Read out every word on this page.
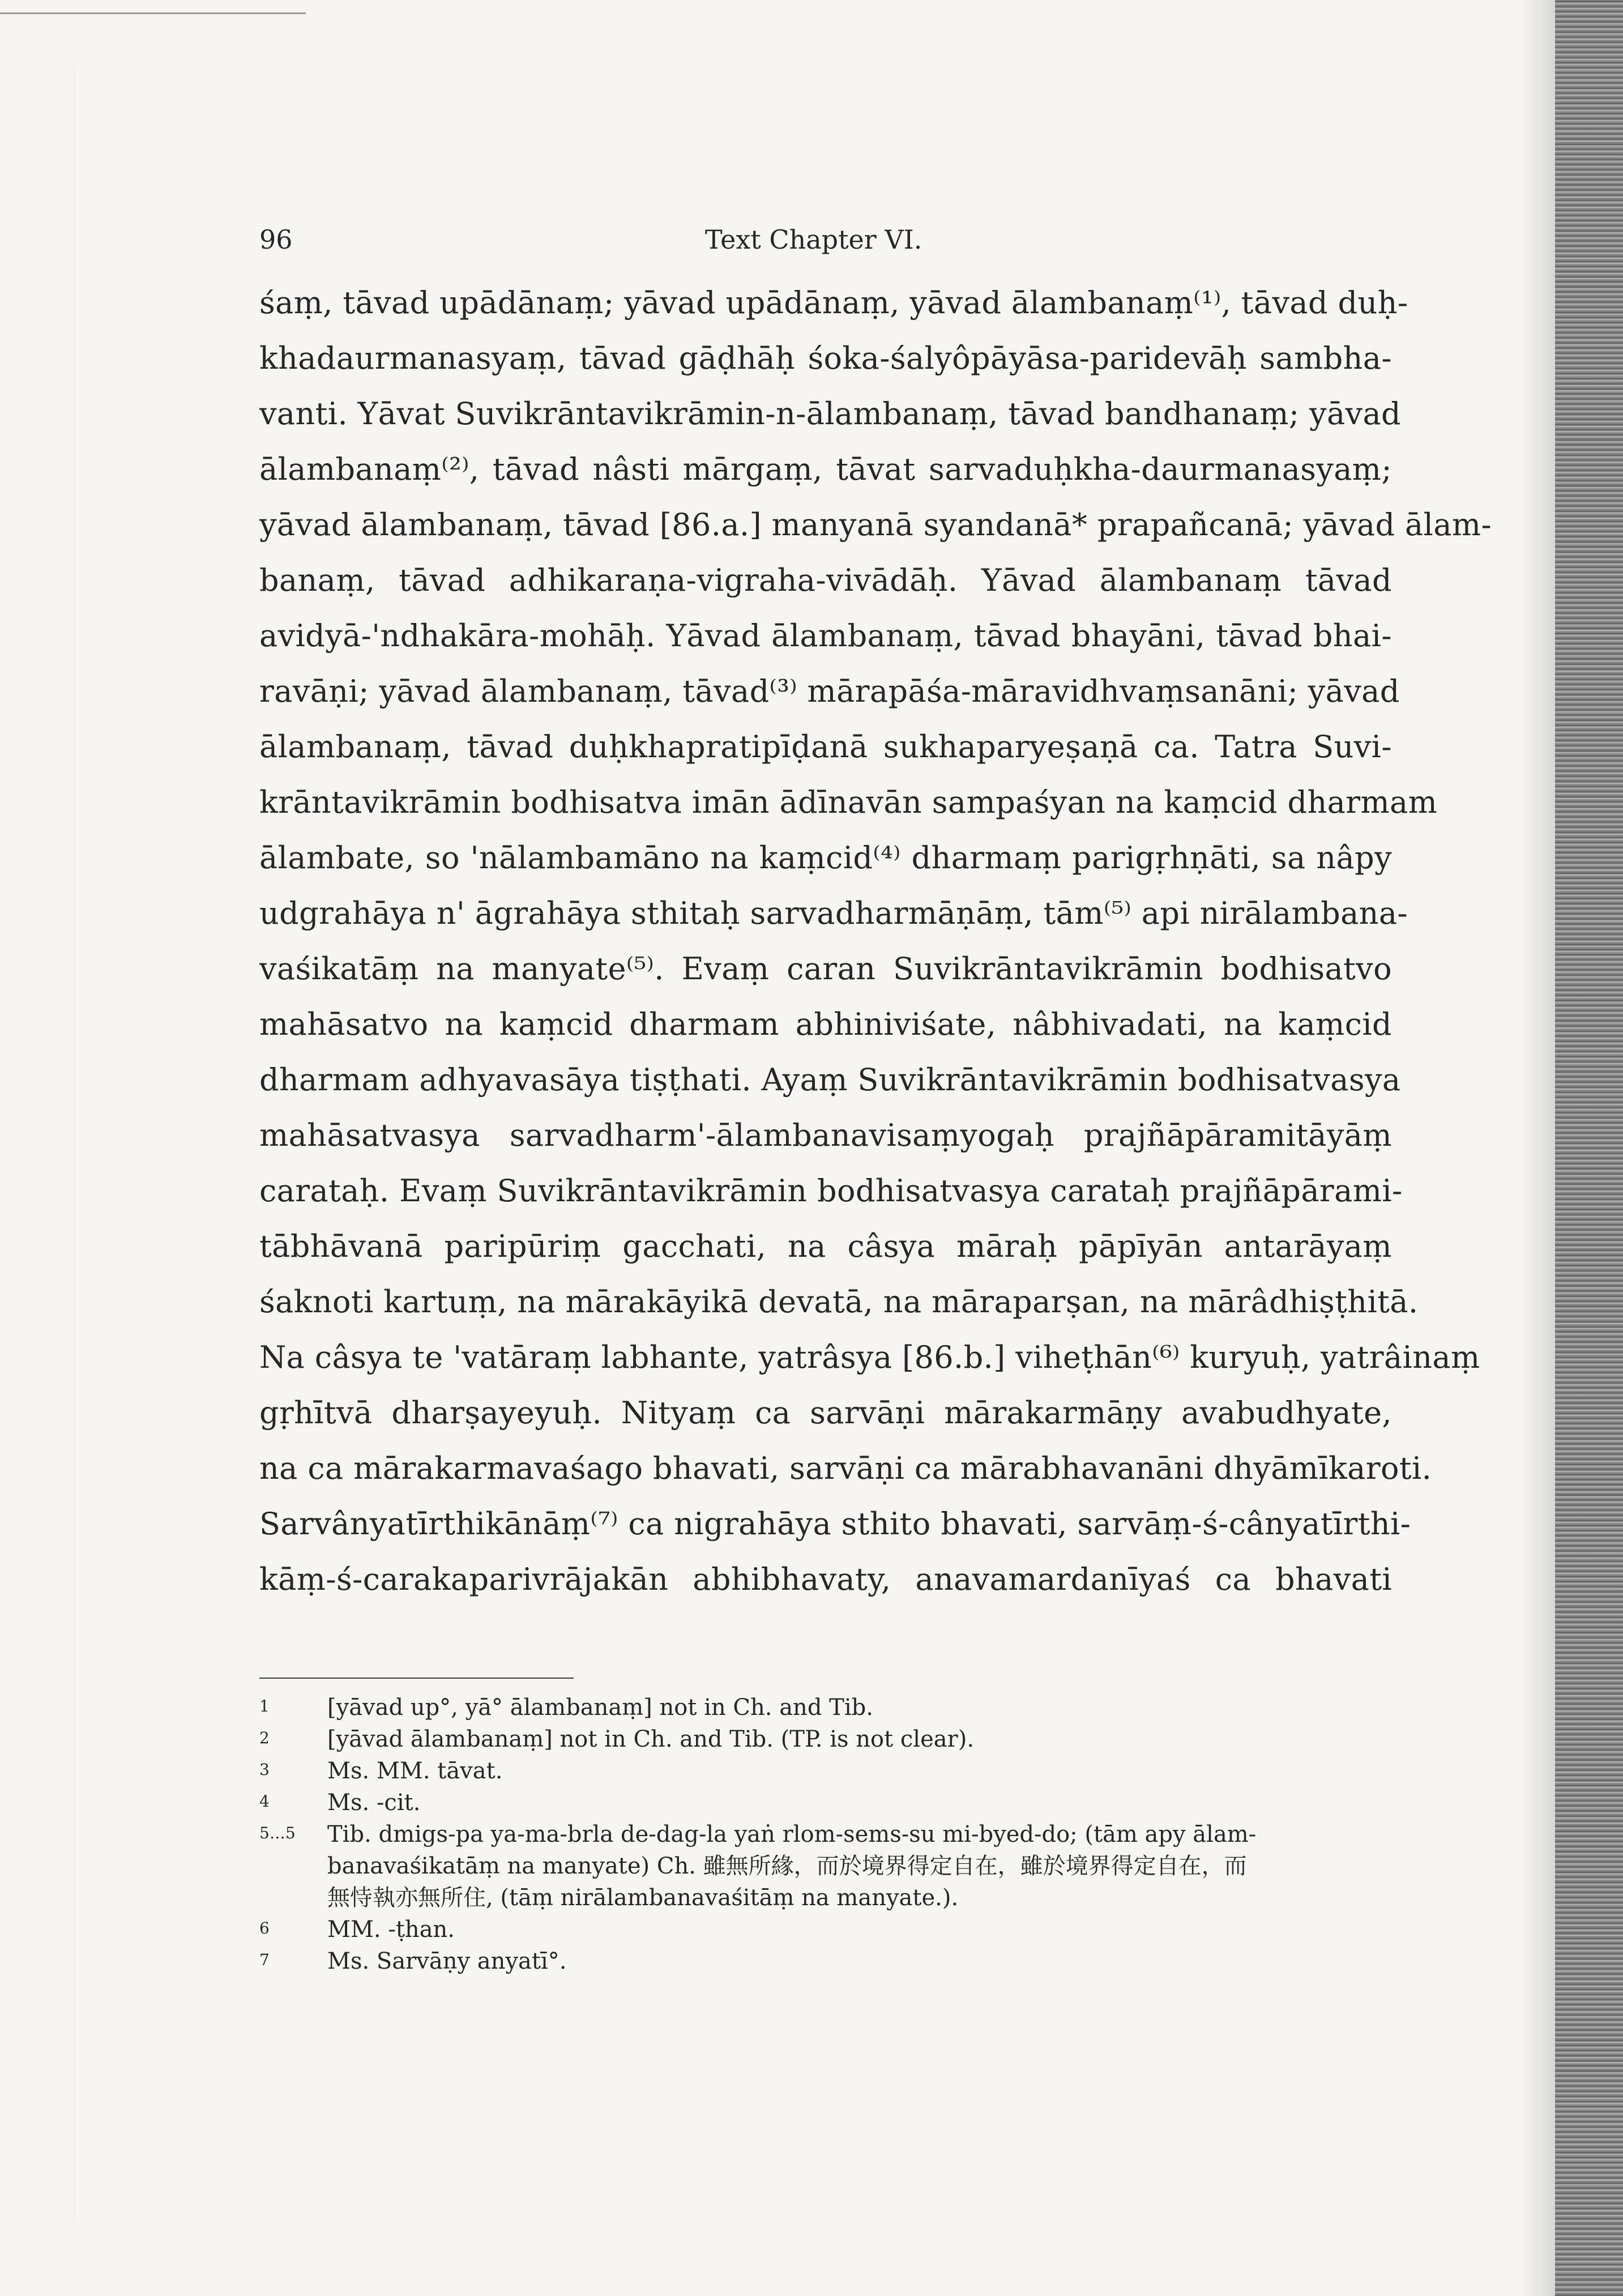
96	Text Chapter VI.
śaṃ, tāvad upādānaṃ; yāvad upādānaṃ, yāvad ālambanaṃ⁽¹⁾, tāvad duḥ-
khadaurmanasyaṃ, tāvad gāḍhāḥ śoka-śalyôpāyāsa-paridevāḥ sambha-
vanti. Yāvat Suvikrāntavikrāmin-n-ālambanaṃ, tāvad bandhanaṃ; yāvad
ālambanaṃ⁽²⁾, tāvad nâsti mārgaṃ, tāvat sarvaduḥkha-daurmanasyaṃ;
yāvad ālambanaṃ, tāvad [86.a.] manyanā syandanā* prapañcanā; yāvad ālam-
banaṃ, tāvad adhikaraṇa-vigraha-vivādāḥ. Yāvad ālambanaṃ tāvad
avidyā-'ndhakāra-mohāḥ. Yāvad ālambanaṃ, tāvad bhayāni, tāvad bhai-
ravāṇi; yāvad ālambanaṃ, tāvad⁽³⁾ mārapāśa-māravidhvaṃsanāni; yāvad
ālambanaṃ, tāvad duḥkhapratipīḍanā sukhaparyeṣaṇā ca. Tatra Suvi-
krāntavikrāmin bodhisatva imān ādīnavān sampaśyan na kaṃcid dharmam
ālambate, so 'nālambamāno na kaṃcid⁽⁴⁾ dharmaṃ parigṛhṇāti, sa nâpy
udgrahāya n' āgrahāya sthitaḥ sarvadharmāṇāṃ, tām⁽⁵⁾ api nirālambana-
vaśikatāṃ na manyate⁽⁵⁾. Evaṃ caran Suvikrāntavikrāmin bodhisatvo
mahāsatvo na kaṃcid dharmam abhiniviśate, nâbhivadati, na kaṃcid
dharmam adhyavasāya tiṣṭhati. Ayaṃ Suvikrāntavikrāmin bodhisatvasya
mahāsatvasya sarvadharm'-ālambanavisaṃyogaḥ prajñāpāramitāyāṃ
carataḥ. Evaṃ Suvikrāntavikrāmin bodhisatvasya carataḥ prajñāpārami-
tābhāvanā paripūriṃ gacchati, na câsya māraḥ pāpīyān antarāyaṃ
śaknoti kartuṃ, na mārakāyikā devatā, na māraparṣan, na mārâdhiṣṭhitā.
Na câsya te 'vatāraṃ labhante, yatrâsya [86.b.] viheṭhān⁽⁶⁾ kuryuḥ, yatrâinaṃ
gṛhītvā dharṣayeyuḥ. Nityaṃ ca sarvāṇi mārakarmāṇy avabudhyate,
na ca mārakarmavaśago bhavati, sarvāṇi ca mārabhavanāni dhyāmīkaroti.
Sarvânyatīrthikānāṃ⁽⁷⁾ ca nigrahāya sthito bhavati, sarvāṃ-ś-cânyatīrthi-
kāṃ-ś-carakaparivrājakān abhibhavaty, anavamardanīyaś ca bhavati
1	[yāvad up°, yā° ālambanaṃ] not in Ch. and Tib.
2	[yāvad ālambanaṃ] not in Ch. and Tib. (TP. is not clear).
3	Ms. MM. tāvat.
4	Ms. -cit.
5…5 Tib. dmigs-pa ya-ma-brla de-dag-la yaṅ rlom-sems-su mi-byed-do; (tām apy ālam-
banavaśikatāṃ na manyate) Ch. 雖無所緣，而於境界得定自在，雖於境界得定自在，而
無恃執亦無所住, (tāṃ nirālambanavaśitāṃ na manyate.).
6	MM. -ṭhan.
7	Ms. Sarvāṇy anyatī°.
